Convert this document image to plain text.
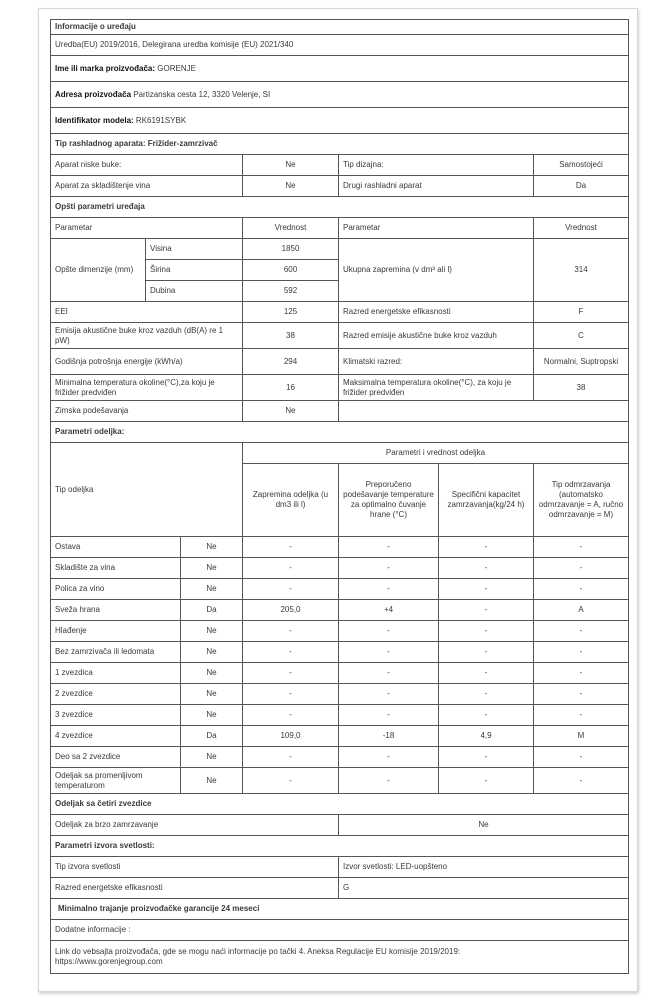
Informacije o uređaju						
Uredba(EU) 2019/2016, Delegirana uredba komisije (EU) 2021/340						
Ime ili marka proizvođača: GORENJE						
Adresa proizvođača Partizanska cesta 12, 3320 Velenje, SI						
Identifikator modela: RK6191SYBK						
Tip rashladnog aparata: Frižider-zamrzivač						
Aparat niske buke:			Ne	Tip dizajna:		Samostojeći
Aparat za skladištenje vina			Ne	Drugi rashladni aparat		Da
Opšti parametri uređaja						
Parametar			Vrednost	Parametar		Vrednost
Opšte dimenzije (mm)	Visina		1850	Ukupna zapremina (v dm³ ali l)		314
	Širina		600			
	Dubina		592			
EEI			125	Razred energetske efikasnosti		F
Emisija akustične buke kroz vazduh (dB(A) re 1 pW)			38	Razred emisije akustične buke kroz vazduh		C
Godišnja potrošnja energije (kWh/a)			294	Klimatski razred:		Normalni, Suptropski
Minimalna temperatura okoline(°C),za koju je frižider predviđen			16	Maksimalna temperatura okoline(°C), za koju je frižider predviđen		38
Zimska podešavanja			Ne			
Parametri odeljka:						
Tip odeljka			Parametri i vrednost odeljka			
			Zapremina odeljka (u dm3 ili l)	Preporučeno podešavanje temperature za optimalno čuvanje hrane (°C)	Specifični kapacitet zamrzavanja(kg/24 h)	Tip odmrzavanja (automatsko odmrzavanje = A, ručno odmrzavanje = M)
Ostava		Ne	-	-	-	-
Skladište za vina		Ne	-	-	-	-
Polica za vino		Ne	-	-	-	-
Sveža hrana		Da	205,0	+4	-	A
Hlađenje		Ne	-	-	-	-
Bez zamrzivača ili ledomata		Ne	-	-	-	-
1 zvezdica		Ne	-	-	-	-
2 zvezdice		Ne	-	-	-	-
3 zvezdice		Ne	-	-	-	-
4 zvezdice		Da	109,0	-18	4,9	M
Deo sa 2 zvezdice		Ne	-	-	-	-
Odeljak sa promenljivom temperaturom		Ne	-	-	-	-
Odeljak sa četiri zvezdice						
Odeljak za brzo zamrzavanje				Ne		
Parametri izvora svetlosti:						
Tip izvora svetlosti				Izvor svetlosti: LED-uopšteno		
Razred energetske efikasnosti				G		
Minimalno trajanje proizvođačke garancije 24 meseci						
Dodatne informacije :						

Link do vebsajta proizvođača, gde se mogu naći informacije po tački 4. Aneksa Regulacije EU komisije 2019/2019:
https://www.gorenjegroup.com						
